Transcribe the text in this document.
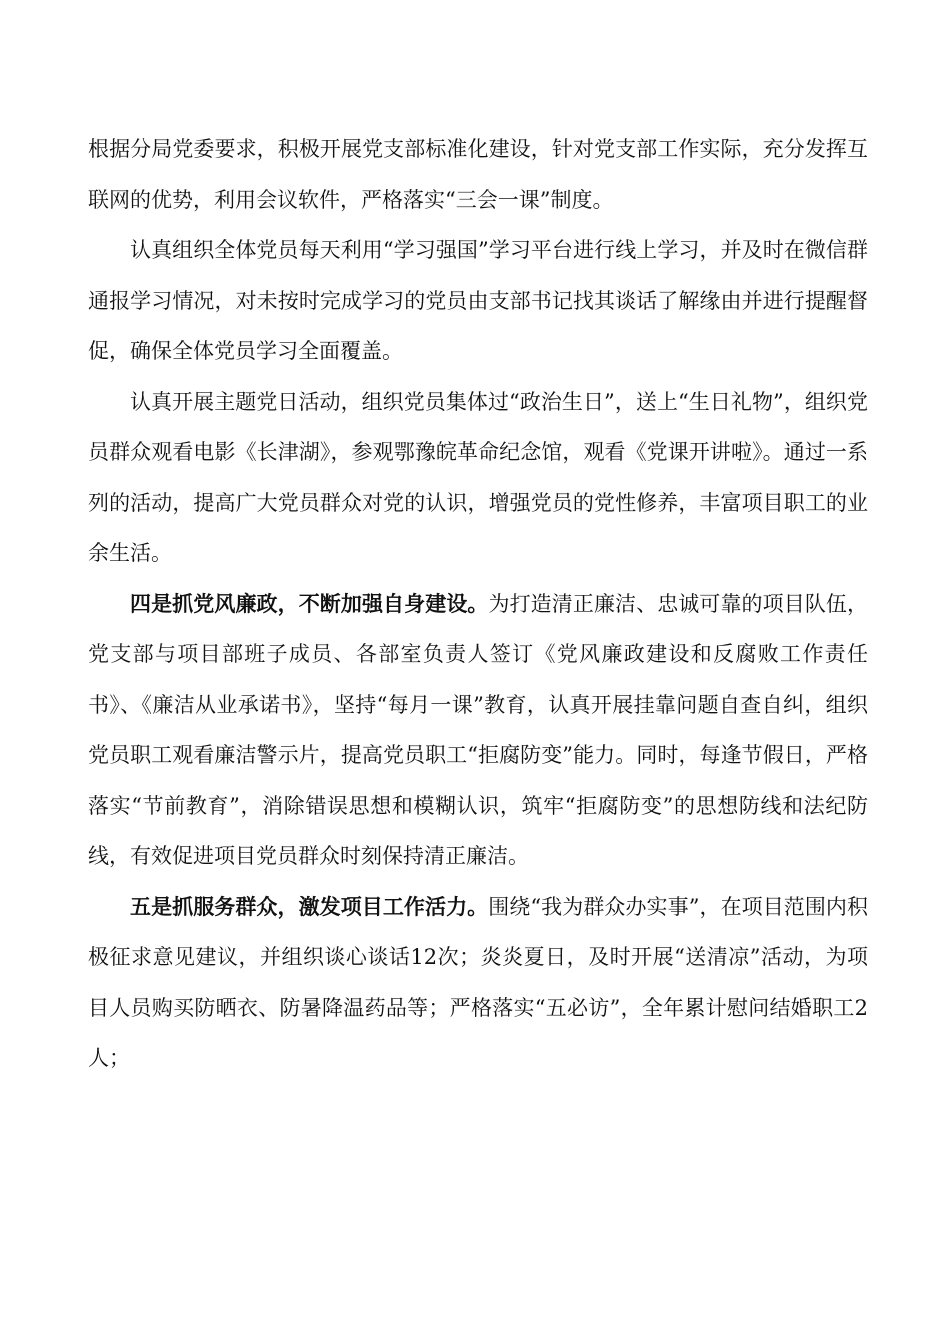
根据分局党委要求，积极开展党支部标准化建设，针对党支部工作实际，充分发挥互联网的优势，利用会议软件，严格落实“三会一课”制度。

认真组织全体党员每天利用“学习强国”学习平台进行线上学习，并及时在微信群通报学习情况，对未按时完成学习的党员由支部书记找其谈话了解缘由并进行提醒督促，确保全体党员学习全面覆盖。

认真开展主题党日活动，组织党员集体过“政治生日”，送上“生日礼物”，组织党员群众观看电影《长津湖》，参观鄂豫皖革命纪念馆，观看《党课开讲啦》。通过一系列的活动，提高广大党员群众对党的认识，增强党员的党性修养，丰富项目职工的业余生活。

四是抓党风廉政，不断加强自身建设。为打造清正廉洁、忠诚可靠的项目队伍，党支部与项目部班子成员、各部室负责人签订《党风廉政建设和反腐败工作责任书》、《廉洁从业承诺书》，坚持“每月一课”教育，认真开展挂靠问题自查自纠，组织党员职工观看廉洁警示片，提高党员职工“拒腐防变”能力。同时，每逢节假日，严格落实“节前教育”，消除错误思想和模糊认识，筑牢“拒腐防变”的思想防线和法纪防线，有效促进项目党员群众时刻保持清正廉洁。

五是抓服务群众，激发项目工作活力。围绕“我为群众办实事”，在项目范围内积极征求意见建议，并组织谈心谈话12次；炎炎夏日，及时开展“送清凉”活动，为项目人员购买防晒衣、防暑降温药品等；严格落实“五必访”，全年累计慰问结婚职工2人；
